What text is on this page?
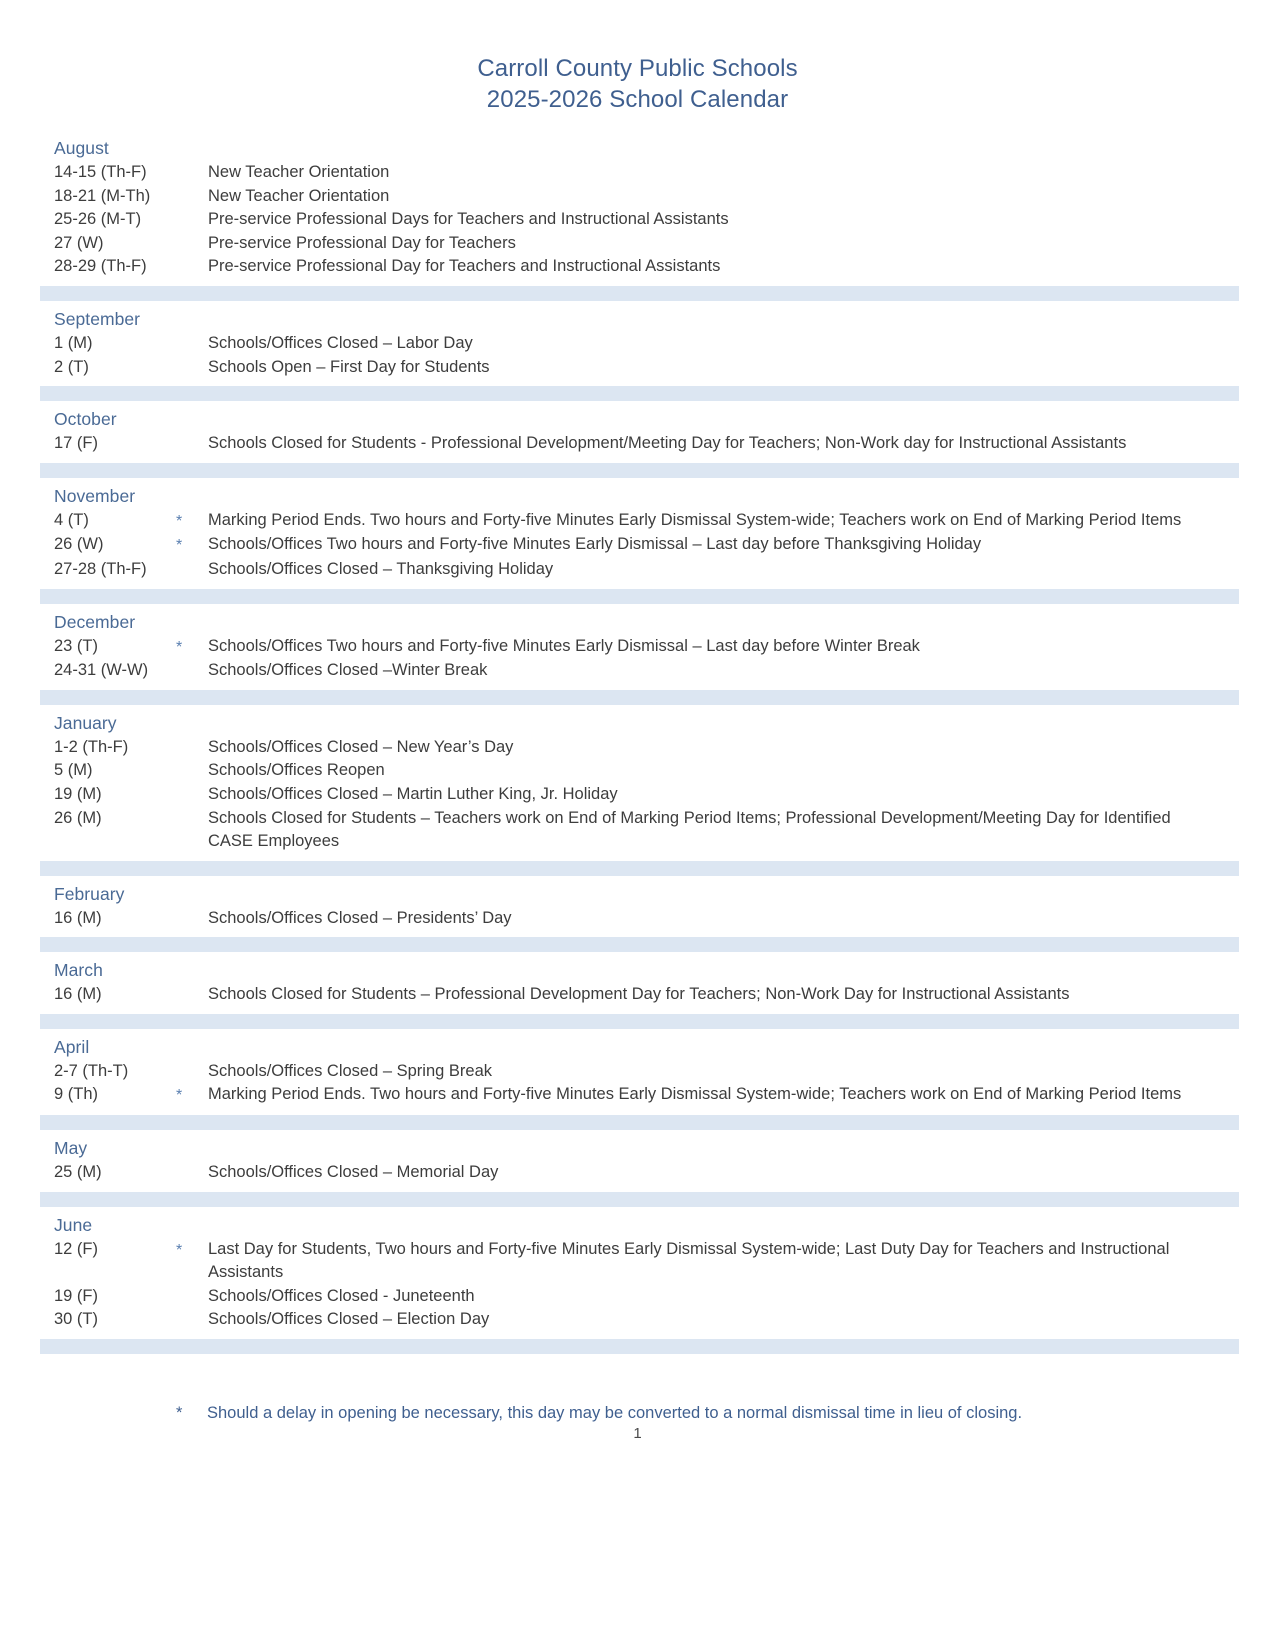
Carroll County Public Schools
2025-2026 School Calendar
August
14-15 (Th-F)	New Teacher Orientation
18-21 (M-Th)	New Teacher Orientation
25-26 (M-T)	Pre-service Professional Days for Teachers and Instructional Assistants
27 (W)	Pre-service Professional Day for Teachers
28-29 (Th-F)	Pre-service Professional Day for Teachers and Instructional Assistants
September
1 (M)	Schools/Offices Closed – Labor Day
2 (T)	Schools Open – First Day for Students
October
17 (F)	Schools Closed for Students - Professional Development/Meeting Day for Teachers; Non-Work day for Instructional Assistants
November
4 (T)	*	Marking Period Ends. Two hours and Forty-five Minutes Early Dismissal System-wide; Teachers work on End of Marking Period Items
26 (W)	*	Schools/Offices Two hours and Forty-five Minutes Early Dismissal – Last day before Thanksgiving Holiday
27-28 (Th-F)	Schools/Offices Closed – Thanksgiving Holiday
December
23 (T)	*	Schools/Offices Two hours and Forty-five Minutes Early Dismissal – Last day before Winter Break
24-31 (W-W)	Schools/Offices Closed –Winter Break
January
1-2 (Th-F)	Schools/Offices Closed – New Year’s Day
5 (M)	Schools/Offices Reopen
19 (M)	Schools/Offices Closed – Martin Luther King, Jr. Holiday
26 (M)	Schools Closed for Students – Teachers work on End of Marking Period Items; Professional Development/Meeting Day for Identified CASE Employees
February
16 (M)	Schools/Offices Closed – Presidents’ Day
March
16 (M)	Schools Closed for Students – Professional Development Day for Teachers; Non-Work Day for Instructional Assistants
April
2-7 (Th-T)	Schools/Offices Closed – Spring Break
9 (Th)	*	Marking Period Ends. Two hours and Forty-five Minutes Early Dismissal System-wide; Teachers work on End of Marking Period Items
May
25 (M)	Schools/Offices Closed – Memorial Day
June
12 (F)	*	Last Day for Students, Two hours and Forty-five Minutes Early Dismissal System-wide; Last Duty Day for Teachers and Instructional Assistants
19 (F)	Schools/Offices Closed - Juneteenth
30 (T)	Schools/Offices Closed – Election Day
*	Should a delay in opening be necessary, this day may be converted to a normal dismissal time in lieu of closing.
1
